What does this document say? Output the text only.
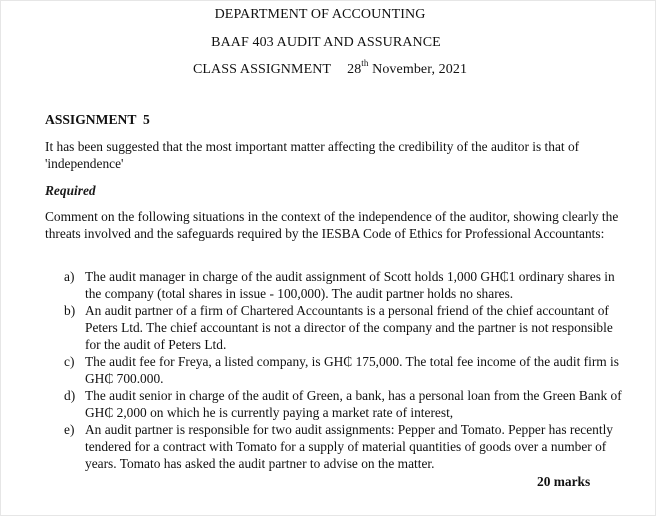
DEPARTMENT OF ACCOUNTING
BAAF 403 AUDIT AND ASSURANCE
CLASS ASSIGNMENT 28th November, 2021
ASSIGNMENT  5
It has been suggested that the most important matter affecting the credibility of the auditor is that of 'independence'
Required
Comment on the following situations in the context of the independence of the auditor, showing clearly the threats involved and the safeguards required by the IESBA Code of Ethics for Professional Accountants:
a) The audit manager in charge of the audit assignment of Scott holds 1,000 GH₵1 ordinary shares in the company (total shares in issue - 100,000). The audit partner holds no shares.
b) An audit partner of a firm of Chartered Accountants is a personal friend of the chief accountant of Peters Ltd. The chief accountant is not a director of the company and the partner is not responsible for the audit of Peters Ltd.
c) The audit fee for Freya, a listed company, is GH₵ 175,000. The total fee income of the audit firm is GH₵ 700.000.
d) The audit senior in charge of the audit of Green, a bank, has a personal loan from the Green Bank of GH₵ 2,000 on which he is currently paying a market rate of interest,
e) An audit partner is responsible for two audit assignments: Pepper and Tomato. Pepper has recently tendered for a contract with Tomato for a supply of material quantities of goods over a number of years. Tomato has asked the audit partner to advise on the matter.
20 marks
